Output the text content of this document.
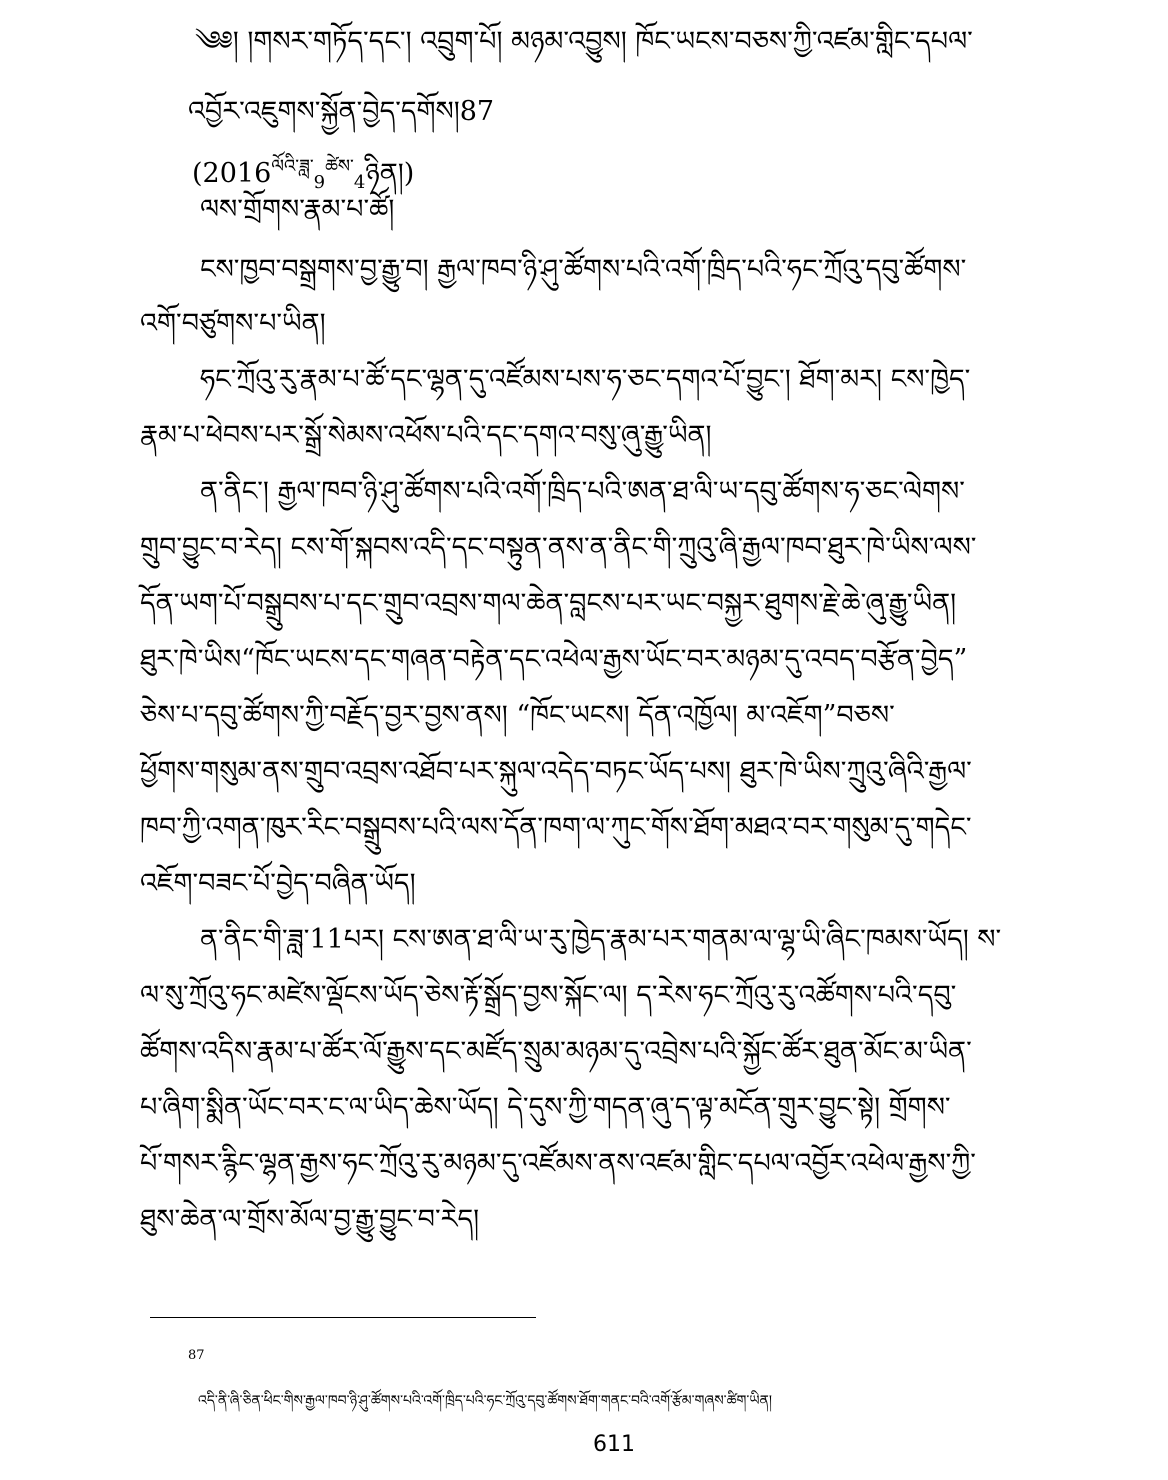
༄༅། །གསར་གཏོད་དང་། འབྲུག་པོ། མཉམ་འབྱུས། ཁོང་ཡངས་བཅས་ཀྱི་འཛམ་གླིང་དཔལ་
འབྱོར་འཇུགས་སྐྱོན་བྱེད་དགོས།87
$(2016^{ལོའི་ཟླ་}_9^{ཚེས་}_4ཉིན།)$
ལས་གྲོགས་རྣམ་པ་ཚོ།
ངས་ཁྱབ་བསྒྲགས་བྱ་རྒྱུ་བ། རྒྱལ་ཁབ་ཉི་ཤུ་ཚོགས་པའི་འགོ་ཁྲིད་པའི་ཧང་ཀྲོའུ་དབུ་ཚོགས་
འགོ་བཙུགས་པ་ཡིན།
ཧང་ཀྲོའུ་རུ་རྣམ་པ་ཚོ་དང་ལྷན་དུ་འཛོམས་པས་ཧ་ཅང་དགའ་པོ་བྱུང་། ཐོག་མར། ངས་ཁྱེད་
རྣམ་པ་ཕེབས་པར་སྒྲོ་སེམས་འཕོས་པའི་དང་དགའ་བསུ་ཞུ་རྒྱུ་ཡིན།
ན་ནིང་། རྒྱལ་ཁབ་ཉི་ཤུ་ཚོགས་པའི་འགོ་ཁྲིད་པའི་ཨན་ཐ་ལི་ཡ་དབུ་ཚོགས་ཧ་ཅང་ལེགས་
གྲུབ་བྱུང་བ་རེད། ངས་གོ་སྐབས་འདི་དང་བསྟུན་ནས་ན་ནིང་གི་ཀྲུའུ་ཞི་རྒྱལ་ཁབ་ཐུར་ཁེ་ཡིས་ལས་
དོན་ཡག་པོ་བསྒྲུབས་པ་དང་གྲུབ་འབྲས་གལ་ཆེན་བླངས་པར་ཡང་བསྐྱར་ཐུགས་རྗེ་ཆེ་ཞུ་རྒྱུ་ཡིན།
ཐུར་ཁེ་ཡིས“ཁོང་ཡངས་དང་གཞན་བརྟེན་དང་འཕེལ་རྒྱས་ཡོང་བར་མཉམ་དུ་འབད་བརྩོན་བྱེད”
ཅེས་པ་དབུ་ཚོགས་ཀྱི་བརྗོད་བྱར་བྱས་ནས། “ཁོང་ཡངས། དོན་འཁྱོལ། མ་འཇོག”བཅས་
ཕྱོགས་གསུམ་ནས་གྲུབ་འབྲས་འཐོབ་པར་སྐུལ་འདེད་བཏང་ཡོད་པས། ཐུར་ཁེ་ཡིས་ཀྲུའུ་ཞིའི་རྒྱལ་
ཁབ་ཀྱི་འགན་ཁུར་རིང་བསྒྲུབས་པའི་ལས་དོན་ཁག་ལ་ཀུང་གོས་ཐོག་མཐའ་བར་གསུམ་དུ་གདེང་
འཇོག་བཟང་པོ་བྱེད་བཞིན་ཡོད།
ན་ནིང་གི་ཟླ་11པར། ངས་ཨན་ཐ་ལི་ཡ་རུ་ཁྱེད་རྣམ་པར་གནམ་ལ་ལྷ་ཡི་ཞིང་ཁམས་ཡོད། ས་
ལ་སུ་ཀྲོའུ་ཧང་མཛེས་ལྡོངས་ཡོད་ཅེས་རྟོ་སྒྲོད་བྱས་སྐོང་ལ། ད་རེས་ཧང་ཀྲོའུ་རུ་འཚོགས་པའི་དབུ་
ཚོགས་འདིས་རྣམ་པ་ཚོར་ལོ་རྒྱུས་དང་མཛོད་སྲུམ་མཉམ་དུ་འབྲེས་པའི་སྐྱོང་ཚོར་ཐུན་མོང་མ་ཡིན་
པ་ཞིག་སྨིན་ཡོང་བར་ང་ལ་ཡིད་ཆེས་ཡོད། དེ་དུས་ཀྱི་གདན་ཞུ་ད་ལྟ་མངོན་གྲུར་བྱུང་སྟེ། གྲོགས་
པོ་གསར་རྙིང་ལྷན་རྒྱས་ཧང་ཀྲོའུ་རུ་མཉམ་དུ་འཛོམས་ནས་འཛམ་གླིང་དཔལ་འབྱོར་འཕེལ་རྒྱས་ཀྱི་
ཐུས་ཆེན་ལ་གྲོས་མོལ་བྱ་རྒྱུ་བྱུང་བ་རེད།
87
འདི་ནི་ཞི་ཅིན་ཕིང་གིས་རྒྱལ་ཁབ་ཉི་ཤུ་ཚོགས་པའི་འགོ་ཁྲིད་པའི་ཧང་ཀྲོའུ་དབུ་ཚོགས་ཐོག་གནང་བའི་འགོ་རྩོམ་གཞས་ཚིག་ཡིན།
611
